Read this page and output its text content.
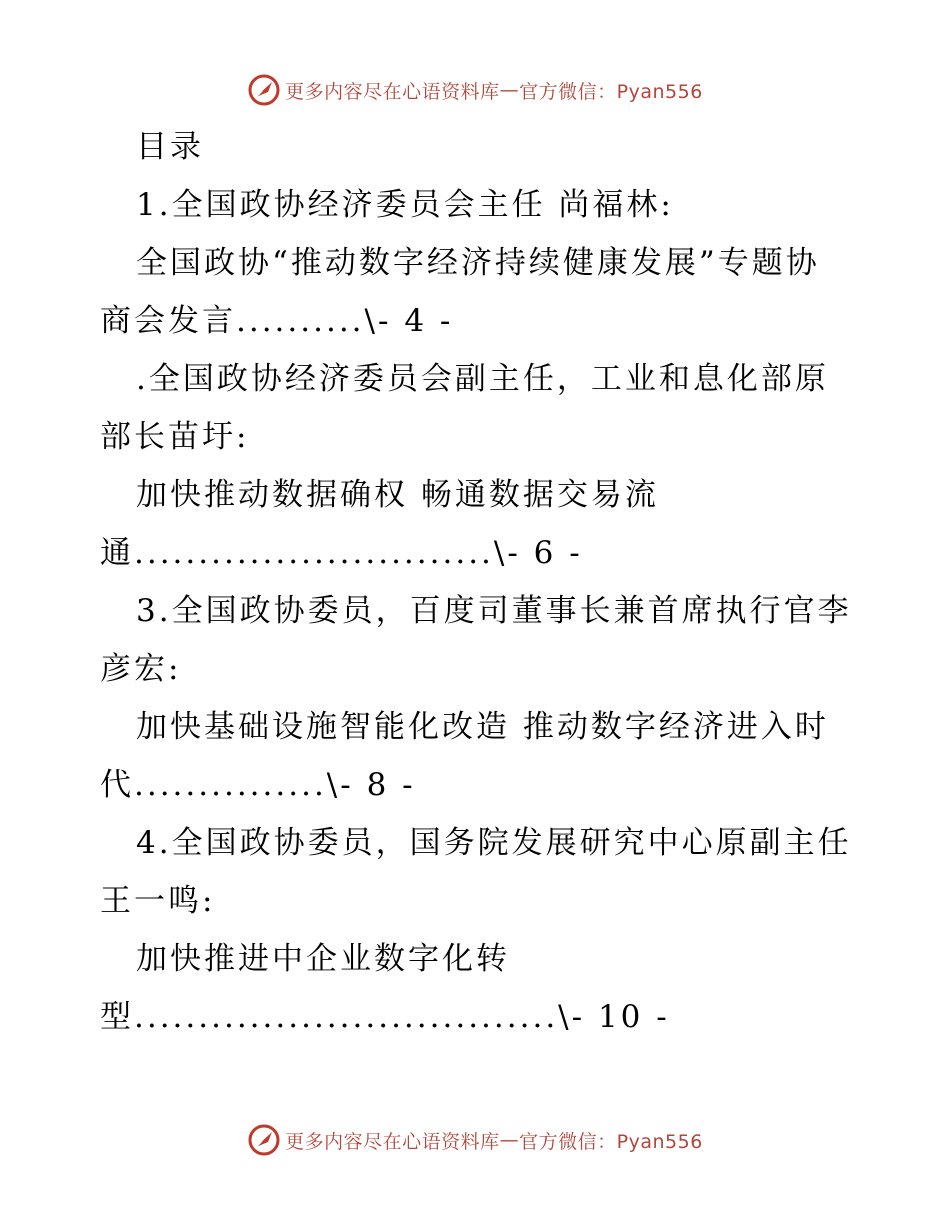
更多内容尽在心语资料库 — 官方微信：Pyan556
目录
1.全国政协经济委员会主任 尚福林:
全国政协“推动数字经济持续健康发展”专题协
商会发言..........\- 4 -
.全国政协经济委员会副主任，工业和息化部原
部长苗圩:
加快推动数据确权 畅通数据交易流
通............................\- 6 -
3.全国政协委员，百度司董事长兼首席执行官李
彦宏:
加快基础设施智能化改造 推动数字经济进入时
代...............\- 8 -
4.全国政协委员，国务院发展研究中心原副主任
王一鸣:
加快推进中企业数字化转
型.................................\- 10 -
更多内容尽在心语资料库 — 官方微信：Pyan556
